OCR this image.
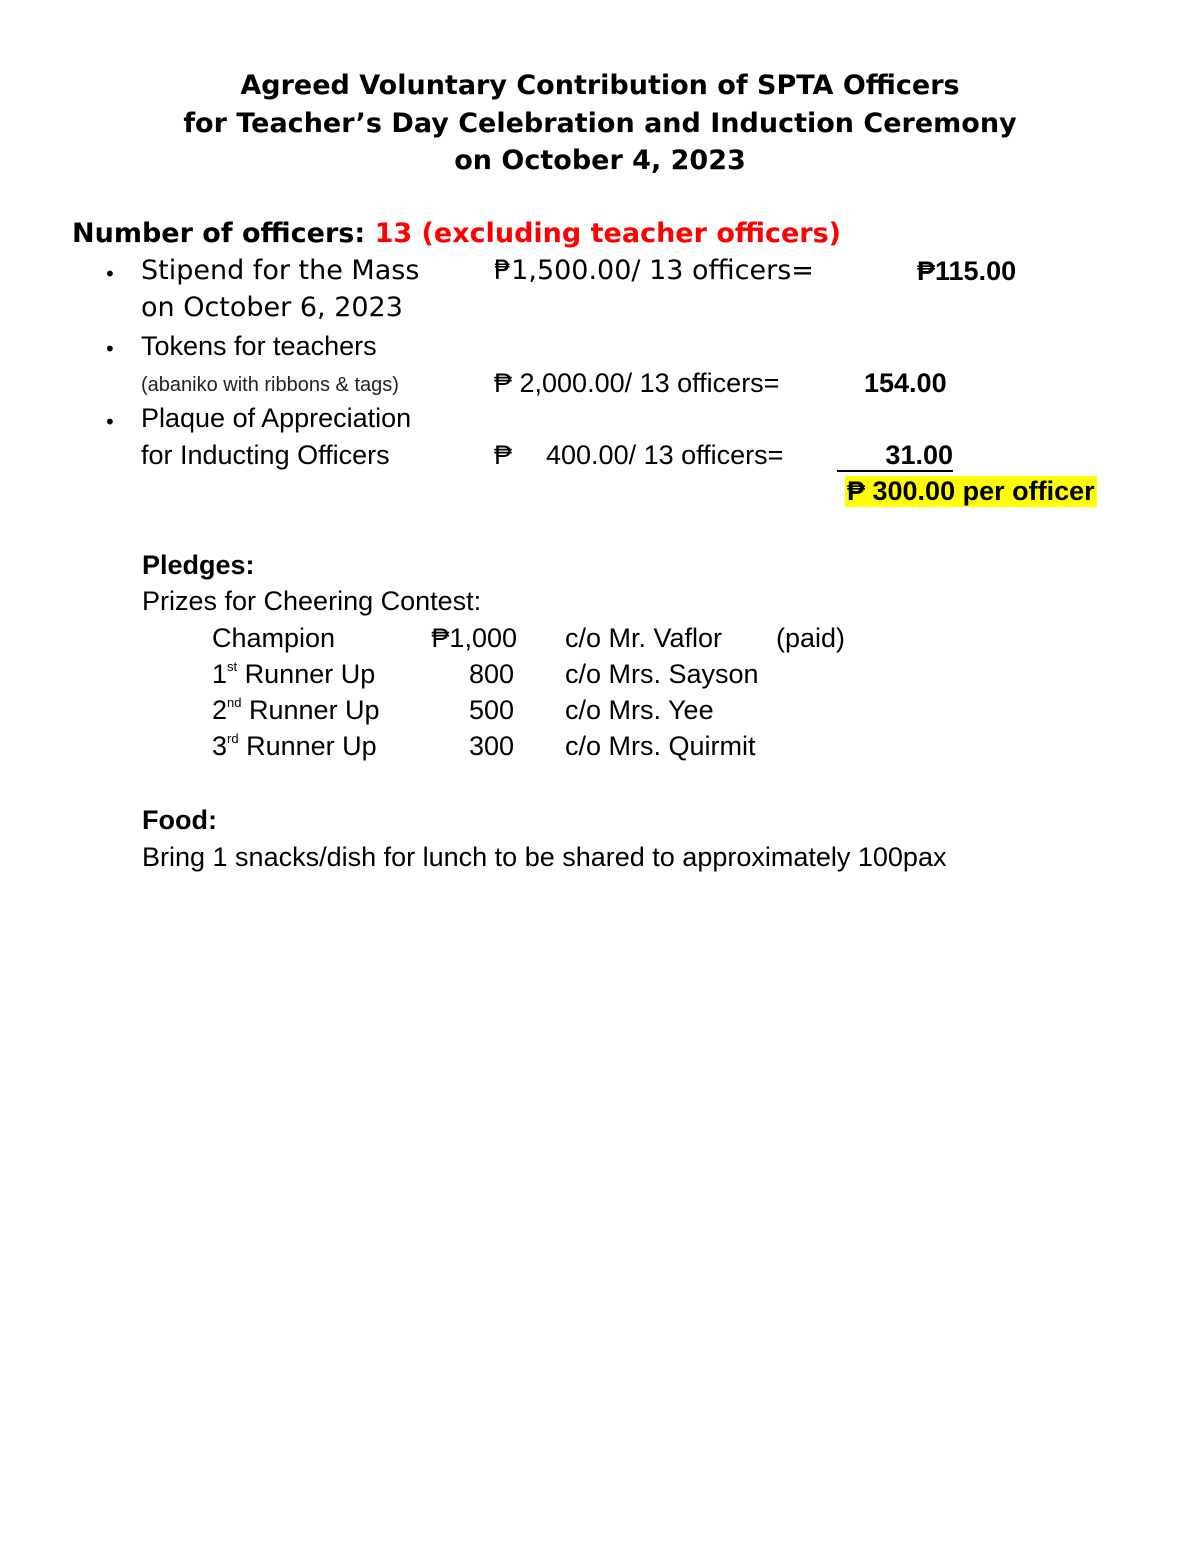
Agreed Voluntary Contribution of SPTA Officers
for Teacher’s Day Celebration and Induction Ceremony
on October 4, 2023
Number of officers: 13 (excluding teacher officers)
• Stipend for the Mass
on October 6, 2023
₱1,500.00/ 13 officers=	₱115.00
• Tokens for teachers
(abaniko with ribbons & tags)	₱ 2,000.00/ 13 officers=	154.00
• Plaque of Appreciation
for Inducting Officers	₱ 400.00/ 13 officers=	31.00
₱ 300.00 per officer
Pledges:
Prizes for Cheering Contest:
Champion	₱1,000 c/o Mr. Vaflor (paid)
1st Runner Up	800 c/o Mrs. Sayson
2nd Runner Up	500 c/o Mrs. Yee
3rd Runner Up	300 c/o Mrs. Quirmit
Food:
Bring 1 snacks/dish for lunch to be shared to approximately 100pax
